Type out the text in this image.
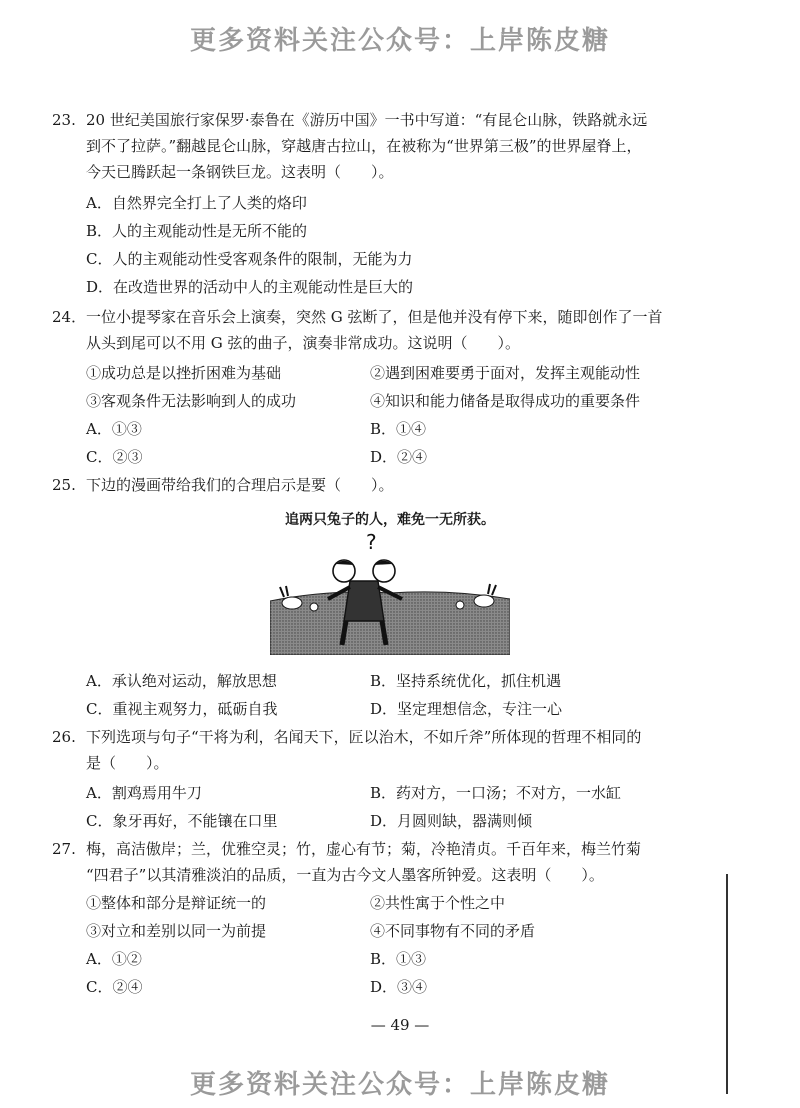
更多资料关注公众号：上岸陈皮糖
23. 20 世纪美国旅行家保罗·泰鲁在《游历中国》一书中写道：“有昆仑山脉，铁路就永远
到不了拉萨。”翻越昆仑山脉，穿越唐古拉山，在被称为“世界第三极”的世界屋脊上，
今天已腾跃起一条钢铁巨龙。这表明（　　）。
A．自然界完全打上了人类的烙印
B．人的主观能动性是无所不能的
C．人的主观能动性受客观条件的限制，无能为力
D．在改造世界的活动中人的主观能动性是巨大的
24． 一位小提琴家在音乐会上演奏，突然 G 弦断了，但是他并没有停下来，随即创作了一首
从头到尾可以不用 G 弦的曲子，演奏非常成功。这说明（　　）。
①成功总是以挫折困难为基础	②遇到困难要勇于面对，发挥主观能动性
③客观条件无法影响到人的成功	④知识和能力储备是取得成功的重要条件
A．①③	B．①④
C．②③	D．②④
25. 下边的漫画带给我们的合理启示是要（　　）。
追两只兔子的人，难免一无所获。
?
A．承认绝对运动，解放思想	B．坚持系统优化，抓住机遇
C．重视主观努力，砥砺自我	D．坚定理想信念，专注一心
26. 下列选项与句子“干将为利，名闻天下，匠以治木，不如斤斧”所体现的哲理不相同的
是（　　）。
A．割鸡焉用牛刀	B．药对方，一口汤；不对方，一水缸
C．象牙再好，不能镶在口里	D．月圆则缺，器满则倾
27. 梅，高洁傲岸；兰，优雅空灵；竹，虚心有节；菊，冷艳清贞。千百年来，梅兰竹菊
“四君子”以其清雅淡泊的品质，一直为古今文人墨客所钟爱。这表明（　　）。
①整体和部分是辩证统一的	②共性寓于个性之中
③对立和差别以同一为前提	④不同事物有不同的矛盾
A．①②	B．①③
C．②④	D．③④
— 49 —
更多资料关注公众号：上岸陈皮糖
